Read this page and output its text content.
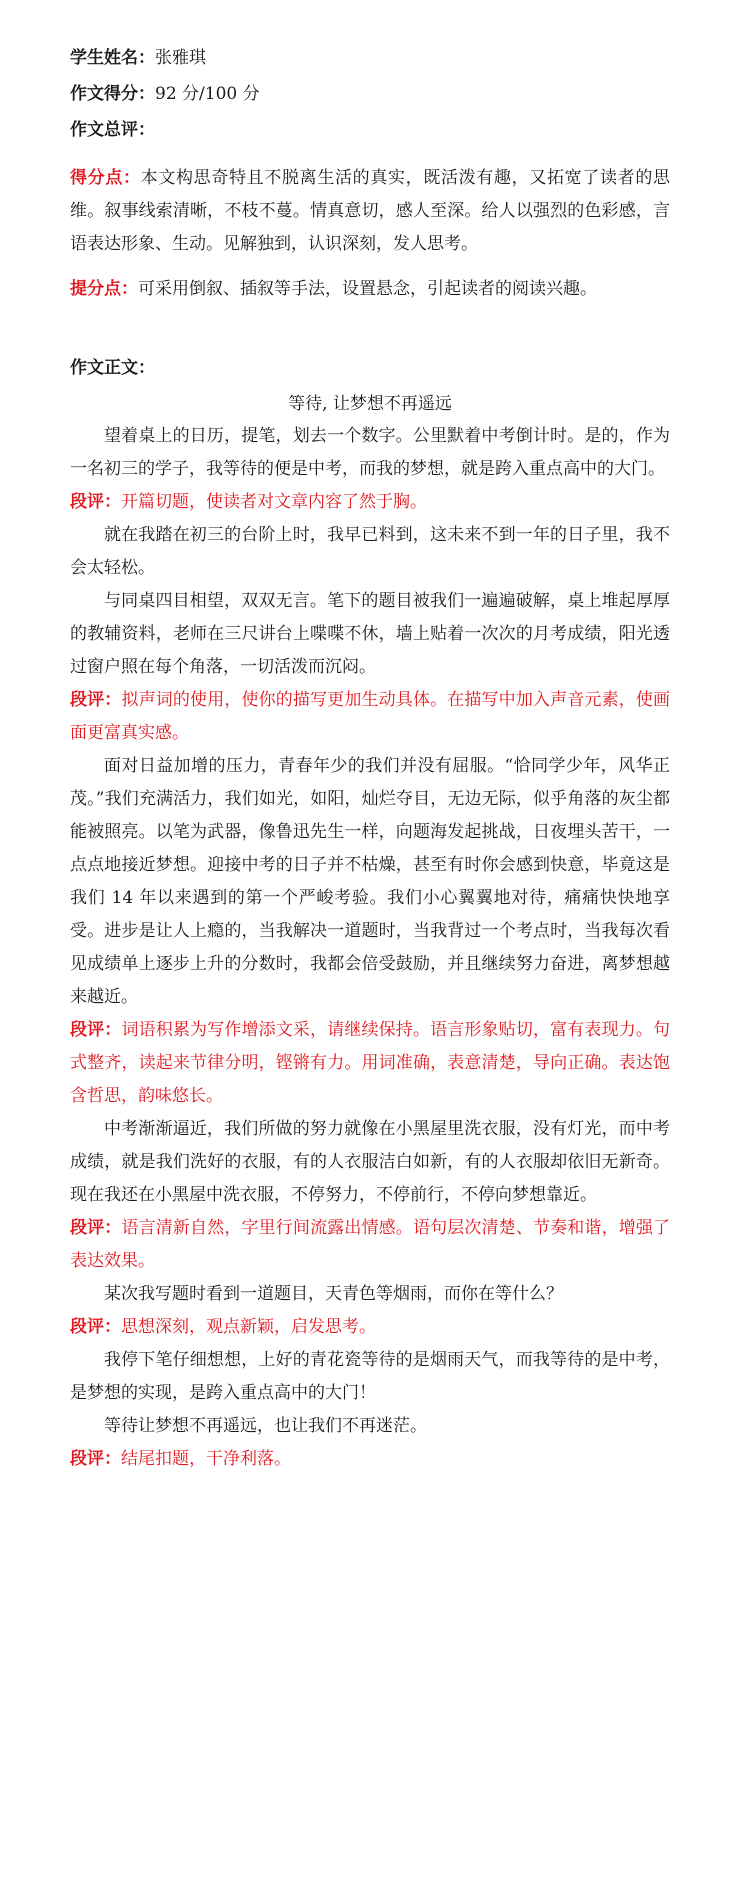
学生姓名：张雅琪
作文得分：92 分/100 分
作文总评：

得分点：本文构思奇特且不脱离生活的真实，既活泼有趣，又拓宽了读者的思维。叙事线索清晰，不枝不蔓。情真意切，感人至深。给人以强烈的色彩感，言语表达形象、生动。见解独到，认识深刻，发人思考。

提分点：可采用倒叙、插叙等手法，设置悬念，引起读者的阅读兴趣。

作文正文：
等待, 让梦想不再遥远

望着桌上的日历，提笔，划去一个数字。公里默着中考倒计时。是的，作为一名初三的学子，我等待的便是中考，而我的梦想，就是跨入重点高中的大门。

段评：开篇切题，使读者对文章内容了然于胸。

就在我踏在初三的台阶上时，我早已料到，这未来不到一年的日子里，我不会太轻松。

与同桌四目相望，双双无言。笔下的题目被我们一遍遍破解，桌上堆起厚厚的教辅资料，老师在三尺讲台上喋喋不休，墙上贴着一次次的月考成绩，阳光透过窗户照在每个角落，一切活泼而沉闷。

段评：拟声词的使用，使你的描写更加生动具体。在描写中加入声音元素，使画面更富真实感。

面对日益加增的压力，青春年少的我们并没有屈服。“恰同学少年，风华正茂。”我们充满活力，我们如光，如阳，灿烂夺目，无边无际，似乎角落的灰尘都能被照亮。以笔为武器，像鲁迅先生一样，向题海发起挑战，日夜埋头苦干，一点点地接近梦想。迎接中考的日子并不枯燥，甚至有时你会感到快意，毕竟这是我们 14 年以来遇到的第一个严峻考验。我们小心翼翼地对待，痛痛快快地享受。进步是让人上瘾的，当我解决一道题时，当我背过一个考点时，当我每次看见成绩单上逐步上升的分数时，我都会倍受鼓励，并且继续努力奋进，离梦想越来越近。

段评：词语积累为写作增添文采，请继续保持。语言形象贴切，富有表现力。句式整齐，读起来节律分明，铿锵有力。用词准确，表意清楚，导向正确。表达饱含哲思，韵味悠长。

中考渐渐逼近，我们所做的努力就像在小黑屋里洗衣服，没有灯光，而中考成绩，就是我们洗好的衣服，有的人衣服洁白如新，有的人衣服却依旧无新奇。现在我还在小黑屋中洗衣服，不停努力，不停前行，不停向梦想靠近。

段评：语言清新自然，字里行间流露出情感。语句层次清楚、节奏和谐，增强了表达效果。

某次我写题时看到一道题目，天青色等烟雨，而你在等什么？

段评：思想深刻，观点新颖，启发思考。

我停下笔仔细想想，上好的青花瓷等待的是烟雨天气，而我等待的是中考，是梦想的实现，是跨入重点高中的大门！

等待让梦想不再遥远，也让我们不再迷茫。

段评：结尾扣题，干净利落。
